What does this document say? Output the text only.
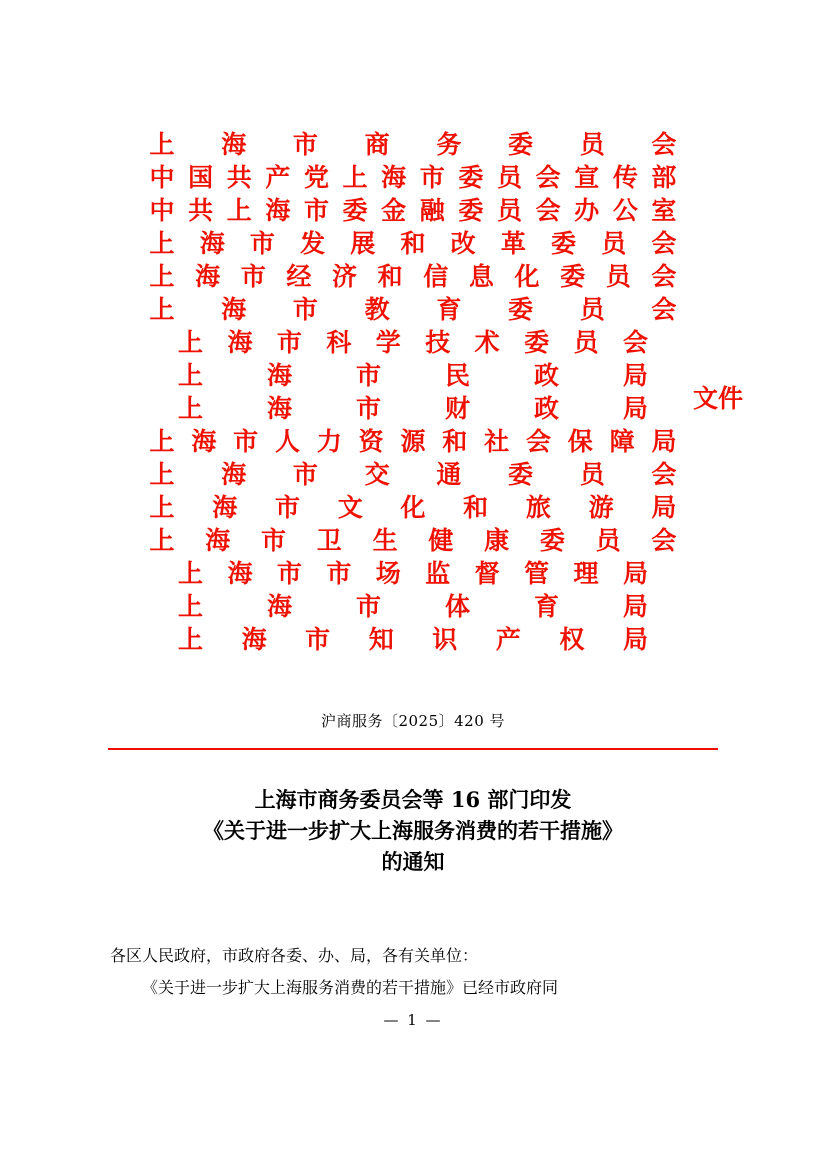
上 海 市 商 务 委 员 会
中 国 共 产 党 上 海 市 委 员 会 宣 传 部
中 共 上 海 市 委 金 融 委 员 会 办 公 室
上 海 市 发 展 和 改 革 委 员 会
上 海 市 经 济 和 信 息 化 委 员 会
上 海 市 教 育 委 员 会
上 海 市 科 学 技 术 委 员 会
上	海	市	民	政	局
上	海	市	财	政	局
上 海 市 人 力 资 源 和 社 会 保 障 局
上 海 市 交 通 委 员 会
上 海 市 文 化 和 旅 游 局
上 海 市 卫 生 健 康 委 员 会
上 海 市 市 场 监 督 管 理 局
上	海	市	体	育	局
上 海 市 知 识 产 权 局
文件
沪商服务〔2025〕420 号
上海市商务委员会等 16 部门印发
《关于进一步扩大上海服务消费的若干措施》
的通知

各区人民政府，市政府各委、办、局，各有关单位：

《关于进一步扩大上海服务消费的若干措施》已经市政府同

— 1 —
